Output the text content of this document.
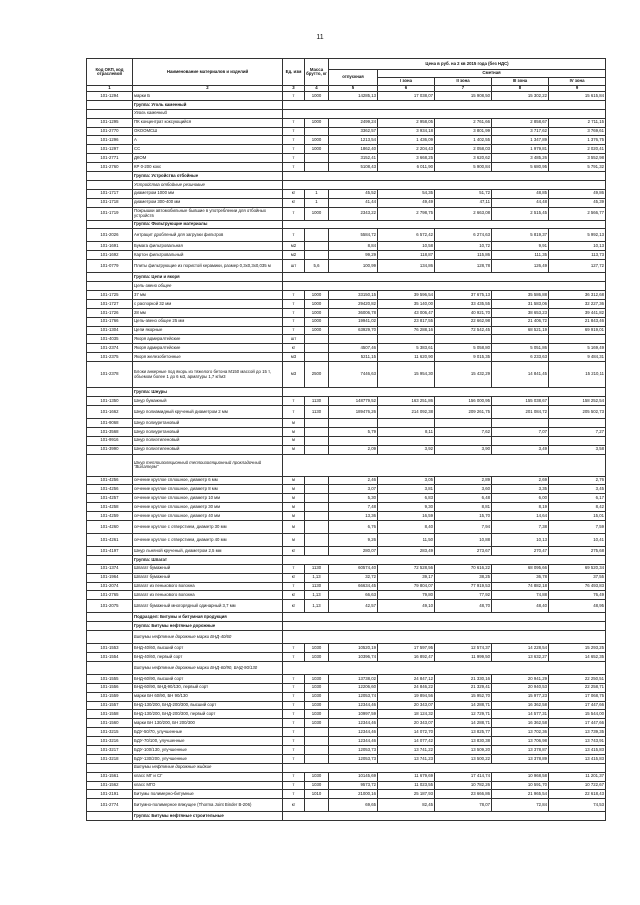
11
Код ОКП, код отраслевой	Наименование материалов и изделий	Ед. изм	Масса брутто, кг	Цена в руб. на 2 кв 2015 года (без НДС)				
				отпускная	Сметная			
					I зона	II зона	III зона	IV зона
1	2	3	4	5	6	7	8	9
101-1294	марки Б	т	1000	14285,13	17 038,07	15 908,50	15 302,22	15 615,84
	Группа: Уголь каменный							
	Уголь каменный							
101-1295	ПК концентрат коксующийся	т	1000	2499,24	2 958,05	2 761,66	2 858,67	2 711,15
101-2770	ОКООМСШ	т		3362,57	3 934,18	3 801,99	3 717,62	3 769,61
101-1296	А	т	1000	1213,54	1 436,09	1 402,55	1 347,89	1 376,75
101-1297	СС	т	1000	1862,40	2 204,43	2 058,03	1 979,81	2 020,41
101-2771	ДКОМ	т		3152,41	3 668,25	3 620,62	3 485,26	3 552,98
101-2760	КР 0-200 кокс	т		5108,43	6 011,90	5 900,84	5 680,95	5 791,32
	Группа: Устройства отбойные							
	Устройства отбойные резиновые							
101-1717	диаметром 1000 мм	кг	1	45,52	54,35	51,72	48,85	49,86
101-1718	диаметром 300-400 мм	кг	1	41,44	49,49	47,11	44,48	45,39
101-1719	Покрышки автомобильные бывшие в употреблении для отбойных устройств	т	1000	2343,22	2 798,75	2 663,08	2 515,45	2 566,77
	Группа: Фильтрующие материалы							
101-2026	Антрацит дробленый для загрузки фильтров	т		5584,72	6 572,42	6 274,63	5 819,37	5 992,13
101-1691	Бумага фильтровальная	м2		8,84	10,58	10,72	9,91	10,13
101-1692	Картон фильтровальный	м2		99,29	118,87	115,86	111,35	113,73
101-0779	Плиты фильтрующие из пористой керамики, размер 0,3х0,3х0,035 м	шт	5,6	100,99	134,86	128,78	126,49	127,72
	Группа: Цепи и якоря							
	Цепь-звено общее							
101-1725	37 мм	т	1000	33150,15	39 596,54	37 675,13	35 586,88	36 312,68
101-1727	с распоркой 32 мм	т	1000	29420,82	35 140,00	33 435,55	31 583,06	32 227,36
101-1726	28 мм	т	1000	36006,78	43 006,47	40 921,70	38 653,23	39 441,82
101-1766	Цепь-звено общее 25 мм	т	1000	19941,02	23 817,55	22 662,98	21 406,72	21 843,46
101-1304	Цепи якорные	т	1000	63929,70	76 288,16	72 542,45	68 521,19	69 919,01
101-4035	Якоря адмиралтейские	шт						
101-2374	Якоря адмиралтейские	кг		4507,46	5 383,61	5 058,80	5 051,86	5 169,49
101-2375	Якоря железобетонные	м3		5211,15	11 620,90	9 015,35	6 233,63	9 484,31
101-2378	Блоки анкерные под якорь из тяжелого бетона М150 массой до 15 т, объемом более 1 до 6 м3, арматуры 1,7 кг/м3	м3	2500	7446,63	15 954,30	15 432,29	14 841,45	15 210,11
	Группа: Шнуры							
101-1350	Шнур бумажный	т	1130	148779,52	163 251,86	156 000,95	155 038,67	158 252,54
101-1662	Шнур полиамидный крученый диаметром 2 мм	т	1130	189476,26	214 092,38	209 261,75	201 084,72	205 502,73
101-9068	Шнур полиуретановый	м						
101-3568	Шнур полиуретановый	м		5,79	8,11	7,62	7,07	7,27
101-9916	Шнур полиэтиленовый	м						
101-3990	Шнур полиэтиленовый	м		2,09	3,92	3,90	3,49	3,58
	Шнур теплоизоляционный теплоизоляционный прокладочный "Вилатерм"							
101-4256	сечение круглое сплошное, диаметр 6 мм	м		2,46	3,05	2,89	2,69	2,76
101-4256	сечение круглое сплошное, диаметр 8 мм	м		3,07	3,81	3,60	3,35	3,45
101-4257	сечение круглое сплошное, диаметр 10 мм	м		5,30	6,83	6,48	6,00	6,17
101-4258	сечение круглое сплошное, диаметр 30 мм	м		7,48	9,30	8,81	8,19	8,42
101-4259	сечение круглое сплошное, диаметр 40 мм	м		13,36	16,59	15,70	14,64	15,01
101-4260	сечение круглое с отверстием, диаметр 30 мм	м		6,76	8,40	7,94	7,38	7,59
101-4261	сечение круглое с отверстием, диаметр 40 мм	м		9,26	11,50	10,88	10,13	10,41
101-4197	Шнур льняной крученый, диаметром 2,5 мм	кг		280,07	283,49	273,67	270,47	275,68
	Группа: Шпагат							
101-1374	Шпагат бумажный	т	1130	60574,40	72 528,56	70 616,22	68 095,66	69 520,34
101-1964	Шпагат бумажный	кг	1,13	32,72	39,17	38,25	36,78	37,55
101-2074	Шпагат из пенькового волокна	т	1130	66634,45	79 804,07	77 919,53	74 882,18	76 493,83
101-2765	Шпагат из пенькового волокна	кг	1,13	66,63	79,80	77,92	74,88	76,49
101-2075	Шпагат бумажный многорядный одинарный 3,7 мм	кг	1,13	42,57	49,10	48,70	48,40	48,95
	Подраздел: Битумы и битумная продукция							
	Группа: Битумы нефтяные дорожные							
	Битумы нефтяные дорожные марки БНД-40/60							
101-1553	БНД-40/60, высший сорт	т	1030	10520,19	17 597,95	12 574,37	14 228,54	15 293,25
101-1554	БНД-40/60, первый сорт	т	1030	10396,74	16 892,47	11 999,50	13 632,27	14 652,35
	Битумы нефтяные дорожные марки БНД-60/90, БНД-90/130							
101-1555	БНД-60/90, высший сорт	т	1030	13738,02	24 847,12	21 330,16	20 941,29	22 250,51
101-1556	БНД-60/90, БНД-90/130, первый сорт	т	1030	12206,60	24 846,22	21 329,41	20 940,53	22 258,71
101-1559	марки БН 60/90, БН 90/130	т	1030	12053,74	19 894,56	15 952,70	15 977,23	17 068,75
101-1557	БНД-130/200, БНД-200/300, высший сорт	т	1030	12344,46	20 343,07	14 288,71	16 362,58	17 447,66
101-1558	БНД-130/200, БНД-200/300, первый сорт	т	1030	10997,59	18 124,32	12 729,71	14 577,31	15 544,00
101-1560	марки БН 130/200, БН 200/300	т	1030	12344,46	20 343,07	14 288,71	16 362,58	17 447,66
101-3215	БДУ-50/70, улучшенные	т		12344,46	14 072,70	13 825,77	13 702,36	13 739,35
101-3216	БДУ-70/100, улучшенные	т		12344,46	14 077,42	13 830,38	13 706,98	13 743,91
101-3217	БДУ-100/130, улучшенные	т		12053,73	13 741,22	13 509,20	13 378,87	13 415,83
101-3218	БДУ-130/200, улучшенные	т		12053,73	13 741,23	13 500,22	13 378,89	13 415,83
	Битумы нефтяные дорожные жидкие							
101-1561	класс МГ и СГ	т	1030	10145,69	11 679,69	17 414,74	10 968,58	11 201,37
101-1562	класс МГО	т	1030	9573,72	11 023,55	10 782,26	10 591,70	10 722,67
101-2191	Битумы полимерно-битумные	т	1010	21000,16	25 187,93	23 666,86	21 965,54	22 618,43
101-2774	Битумно-полимерное вяжущее (Thorma Joint Binder В-206)	кг		69,65	82,45	78,07	72,84	74,53
	Группа: Битумы нефтяные строительные							
